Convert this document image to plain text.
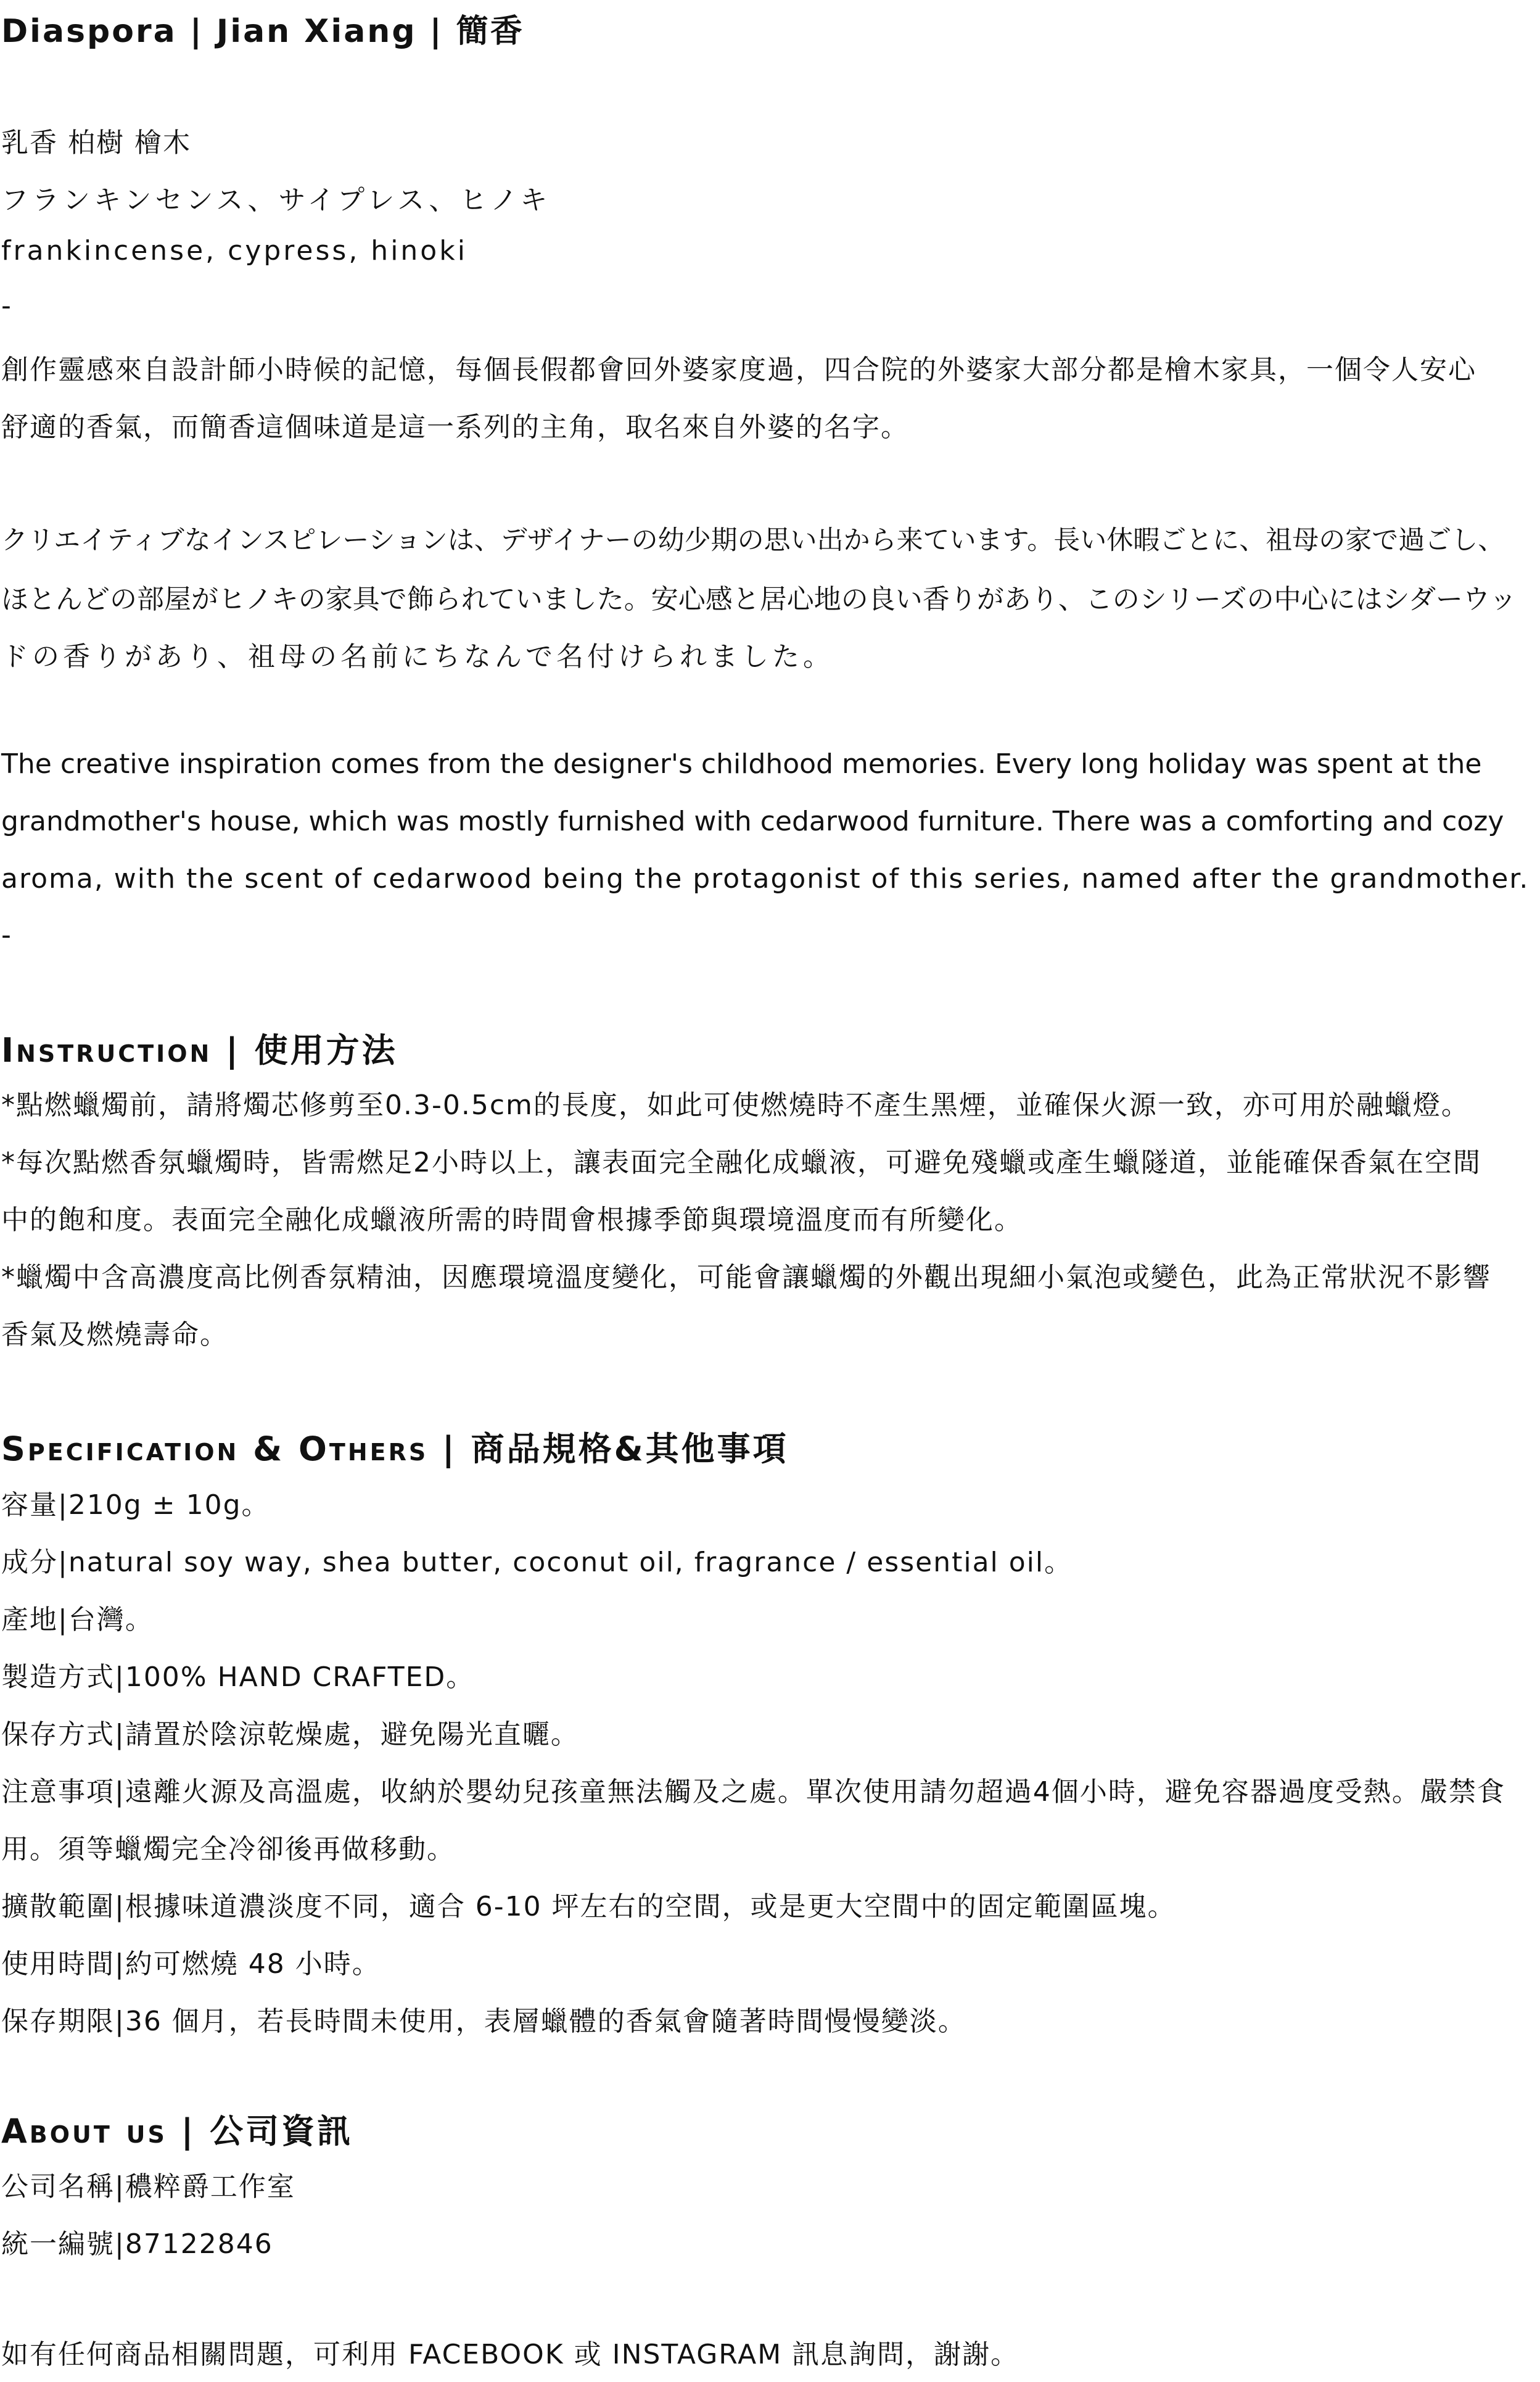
Diaspora | Jian Xiang | 簡香
乳香 柏樹 檜木
フランキンセンス、サイプレス、ヒノキ
frankincense, cypress, hinoki
-
創作靈感來自設計師小時候的記憶，每個長假都會回外婆家度過，四合院的外婆家大部分都是檜木家具，一個令人安心
舒適的香氣，而簡香這個味道是這一系列的主角，取名來自外婆的名字。
クリエイティブなインスピレーションは、デザイナーの幼少期の思い出から来ています。長い休暇ごとに、祖母の家で過ごし、
ほとんどの部屋がヒノキの家具で飾られていました。安心感と居心地の良い香りがあり、このシリーズの中心にはシダーウッ
ドの香りがあり、祖母の名前にちなんで名付けられました。
The creative inspiration comes from the designer's childhood memories. Every long holiday was spent at the
grandmother's house, which was mostly furnished with cedarwood furniture. There was a comforting and cozy
aroma, with the scent of cedarwood being the protagonist of this series, named after the grandmother.
-
Instruction | 使用方法
*點燃蠟燭前，請將燭芯修剪至0.3-0.5cm的長度，如此可使燃燒時不產生黑煙，並確保火源一致，亦可用於融蠟燈。
*每次點燃香氛蠟燭時，皆需燃足2小時以上，讓表面完全融化成蠟液，可避免殘蠟或產生蠟隧道，並能確保香氣在空間
中的飽和度。表面完全融化成蠟液所需的時間會根據季節與環境溫度而有所變化。
*蠟燭中含高濃度高比例香氛精油，因應環境溫度變化，可能會讓蠟燭的外觀出現細小氣泡或變色，此為正常狀況不影響
香氣及燃燒壽命。
Specification & Others | 商品規格&其他事項
容量|210g ± 10g。
成分|natural soy way, shea butter, coconut oil, fragrance / essential oil。
產地|台灣。
製造方式|100% HAND CRAFTED。
保存方式|請置於陰涼乾燥處，避免陽光直曬。
注意事項|遠離火源及高溫處，收納於嬰幼兒孩童無法觸及之處。單次使用請勿超過4個小時，避免容器過度受熱。嚴禁食
用。須等蠟燭完全冷卻後再做移動。
擴散範圍|根據味道濃淡度不同，適合 6-10 坪左右的空間，或是更大空間中的固定範圍區塊。
使用時間|約可燃燒 48 小時。
保存期限|36 個月，若長時間未使用，表層蠟體的香氣會隨著時間慢慢變淡。
About us | 公司資訊
公司名稱|穠粹爵工作室
統一編號|87122846
如有任何商品相關問題，可利用 FACEBOOK 或 INSTAGRAM 訊息詢問，謝謝。
